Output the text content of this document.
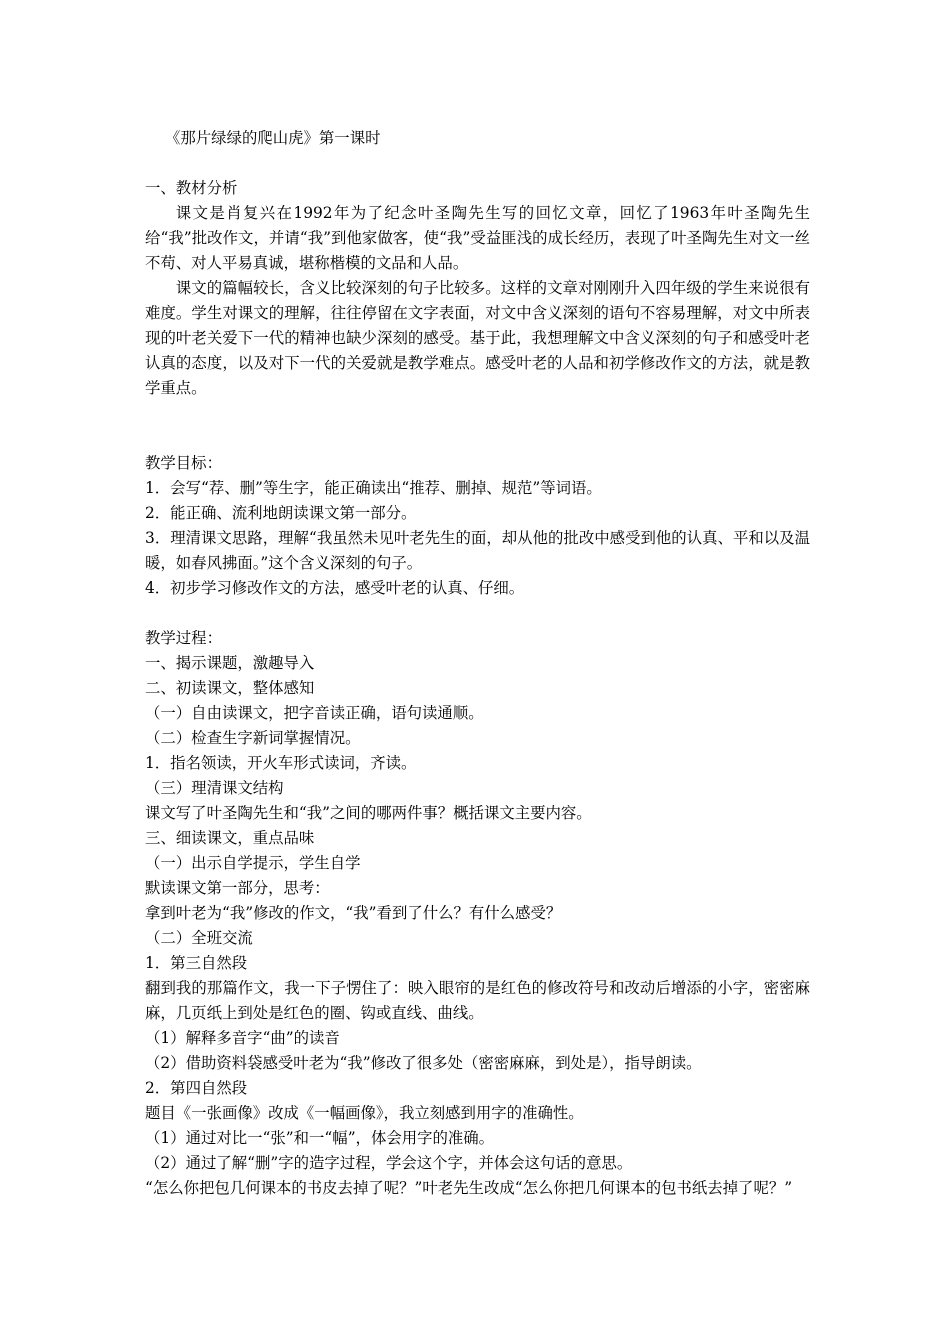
《那片绿绿的爬山虎》第一课时

一、教材分析

课文是肖复兴在1992年为了纪念叶圣陶先生写的回忆文章，回忆了1963年叶圣陶先生给“我”批改作文，并请“我”到他家做客，使“我”受益匪浅的成长经历，表现了叶圣陶先生对文一丝不苟、对人平易真诚，堪称楷模的文品和人品。

课文的篇幅较长，含义比较深刻的句子比较多。这样的文章对刚刚升入四年级的学生来说很有难度。学生对课文的理解，往往停留在文字表面，对文中含义深刻的语句不容易理解，对文中所表现的叶老关爱下一代的精神也缺少深刻的感受。基于此，我想理解文中含义深刻的句子和感受叶老认真的态度，以及对下一代的关爱就是教学难点。感受叶老的人品和初学修改作文的方法，就是教学重点。

教学目标：

1．会写“荐、删”等生字，能正确读出“推荐、删掉、规范”等词语。

2．能正确、流利地朗读课文第一部分。

3．理清课文思路，理解“我虽然未见叶老先生的面，却从他的批改中感受到他的认真、平和以及温暖，如春风拂面。”这个含义深刻的句子。

4．初步学习修改作文的方法，感受叶老的认真、仔细。

教学过程：

一、揭示课题，激趣导入

二、初读课文，整体感知

（一）自由读课文，把字音读正确，语句读通顺。

（二）检查生字新词掌握情况。

1．指名领读，开火车形式读词，齐读。

（三）理清课文结构

课文写了叶圣陶先生和“我”之间的哪两件事？概括课文主要内容。

三、细读课文，重点品味

（一）出示自学提示，学生自学

默读课文第一部分，思考：

拿到叶老为“我”修改的作文，“我”看到了什么？有什么感受？

（二）全班交流

1．第三自然段

翻到我的那篇作文，我一下子愣住了：映入眼帘的是红色的修改符号和改动后增添的小字，密密麻麻，几页纸上到处是红色的圈、钩或直线、曲线。

（1）解释多音字“曲”的读音

（2）借助资料袋感受叶老为“我”修改了很多处（密密麻麻，到处是），指导朗读。

2．第四自然段

题目《一张画像》改成《一幅画像》，我立刻感到用字的准确性。

（1）通过对比一“张”和一“幅”，体会用字的准确。

（2）通过了解“删”字的造字过程，学会这个字，并体会这句话的意思。

“怎么你把包几何课本的书皮去掉了呢？”叶老先生改成“怎么你把几何课本的包书纸去掉了呢？”
